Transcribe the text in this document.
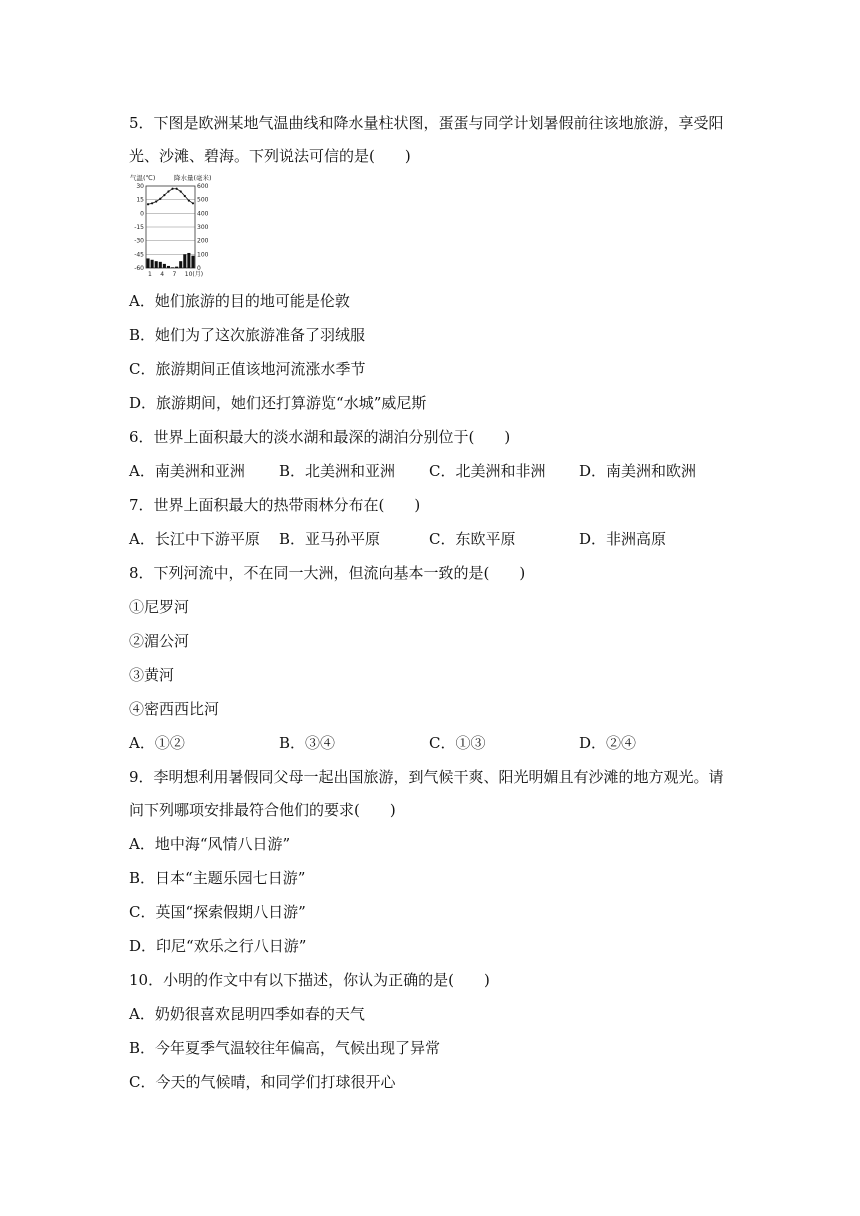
5．下图是欧洲某地气温曲线和降水量柱状图，蛋蛋与同学计划暑假前往该地旅游，享受阳
光、沙滩、碧海。下列说法可信的是(　　)
气温(℃)	降水量(毫米)
30
15
0
-15
-30
-45
-60
600
500
400
300
200
100
0
1 4 7 10(月)
A．她们旅游的目的地可能是伦敦
B．她们为了这次旅游准备了羽绒服
C．旅游期间正值该地河流涨水季节
D．旅游期间，她们还打算游览“水城”威尼斯
6．世界上面积最大的淡水湖和最深的湖泊分别位于(　　)
A．南美洲和亚洲 B．北美洲和亚洲 C．北美洲和非洲 D．南美洲和欧洲
7．世界上面积最大的热带雨林分布在(　　)
A．长江中下游平原 B．亚马孙平原	C．东欧平原	D．非洲高原
8．下列河流中，不在同一大洲，但流向基本一致的是(　　)
①尼罗河
②湄公河
③黄河
④密西西比河
A．①②	B．③④	C．①③	D．②④
9．李明想利用暑假同父母一起出国旅游，到气候干爽、阳光明媚且有沙滩的地方观光。请
问下列哪项安排最符合他们的要求(　　)
A．地中海“风情八日游”
B．日本“主题乐园七日游”
C．英国“探索假期八日游”
D．印尼“欢乐之行八日游”
10．小明的作文中有以下描述，你认为正确的是(　　)
A．奶奶很喜欢昆明四季如春的天气
B．今年夏季气温较往年偏高，气候出现了异常
C．今天的气候晴，和同学们打球很开心
